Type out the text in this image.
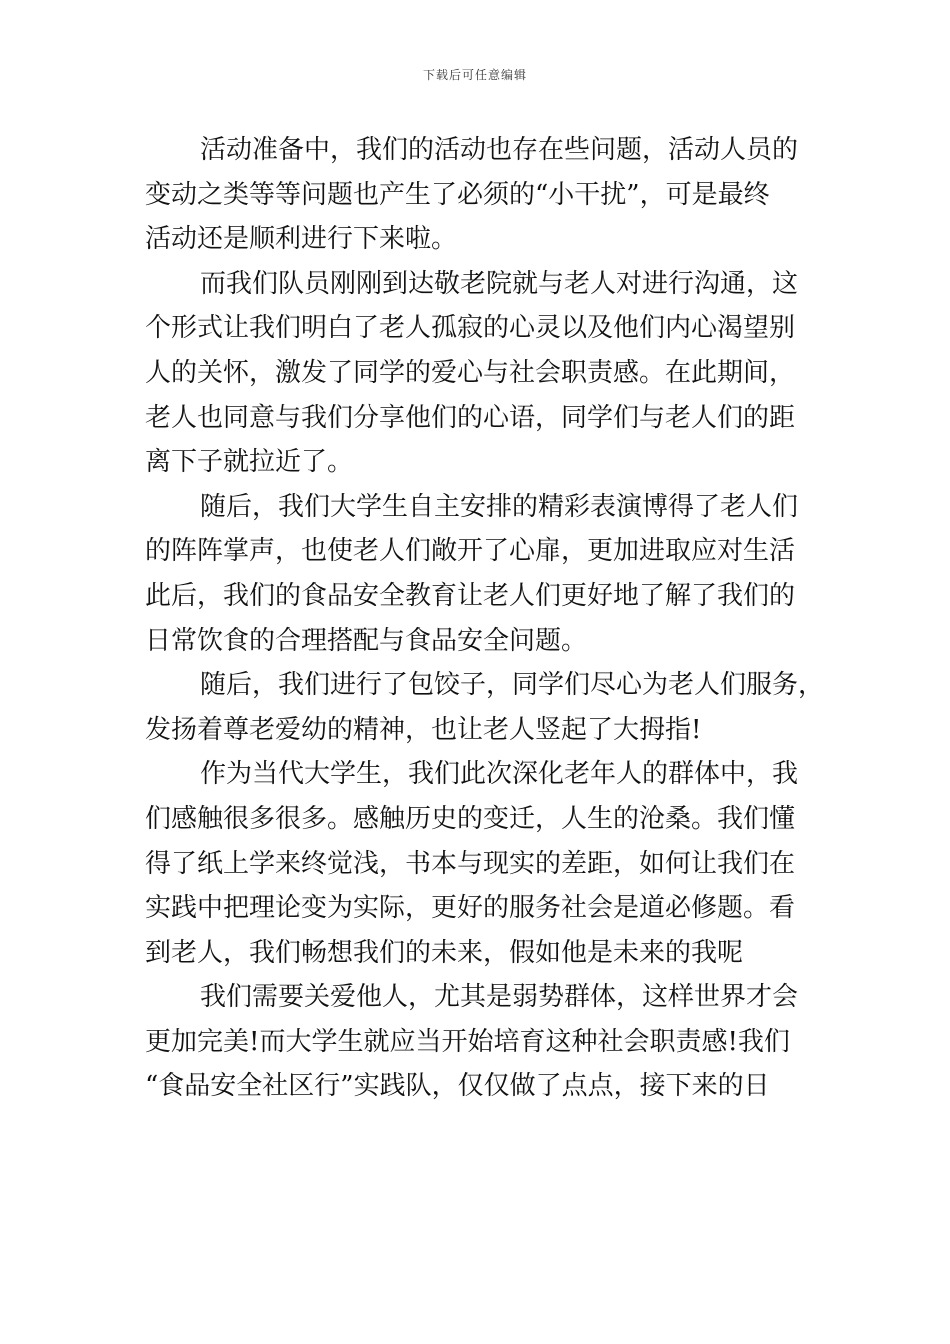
下载后可任意编辑
活动准备中，我们的活动也存在些问题，活动人员的
变动之类等等问题也产生了必须的“小干扰”，可是最终
活动还是顺利进行下来啦。
而我们队员刚刚到达敬老院就与老人对进行沟通，这
个形式让我们明白了老人孤寂的心灵以及他们内心渴望别
人的关怀，激发了同学的爱心与社会职责感。在此期间，
老人也同意与我们分享他们的心语，同学们与老人们的距
离下子就拉近了。
随后，我们大学生自主安排的精彩表演博得了老人们
的阵阵掌声，也使老人们敞开了心扉，更加进取应对生活
此后，我们的食品安全教育让老人们更好地了解了我们的
日常饮食的合理搭配与食品安全问题。
随后，我们进行了包饺子，同学们尽心为老人们服务，
发扬着尊老爱幼的精神，也让老人竖起了大拇指!
作为当代大学生，我们此次深化老年人的群体中，我
们感触很多很多。感触历史的变迁，人生的沧桑。我们懂
得了纸上学来终觉浅，书本与现实的差距，如何让我们在
实践中把理论变为实际，更好的服务社会是道必修题。看
到老人，我们畅想我们的未来，假如他是未来的我呢
我们需要关爱他人，尤其是弱势群体，这样世界才会
更加完美!而大学生就应当开始培育这种社会职责感!我们
“食品安全社区行”实践队，仅仅做了点点，接下来的日
